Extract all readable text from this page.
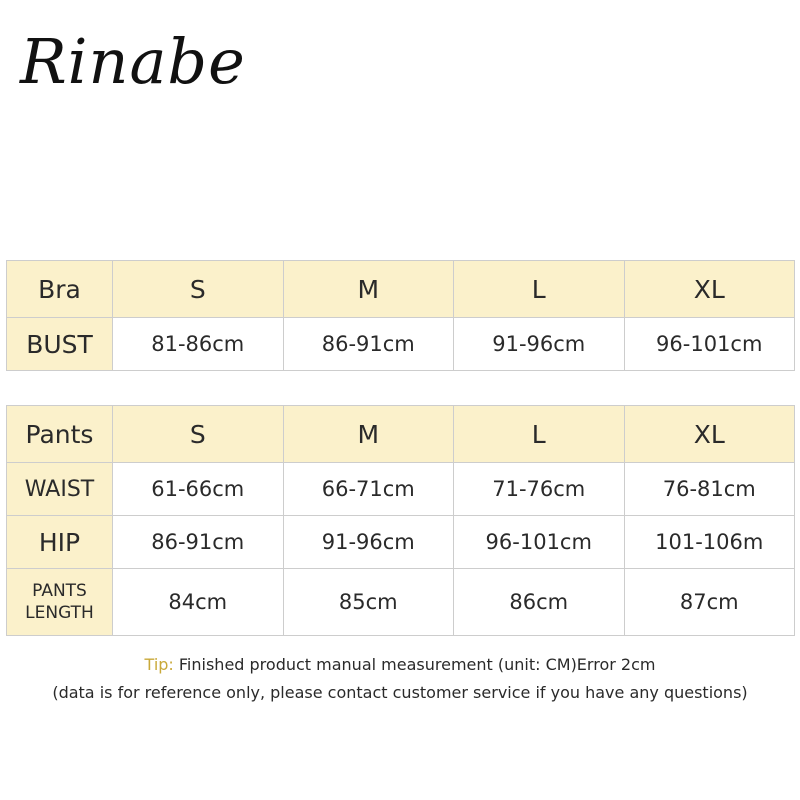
Rinabe
Bra	S	M	L	XL
BUST	81-86cm	86-91cm	91-96cm	96-101cm
Pants	S	M	L	XL
WAIST	61-66cm	66-71cm	71-76cm	76-81cm
HIP	86-91cm	91-96cm	96-101cm	101-106m

PANTS
LENGTH	84cm	85cm	86cm	87cm
Tip: Finished product manual measurement (unit: CM)Error 2cm
(data is for reference only, please contact customer service if you have any questions)
